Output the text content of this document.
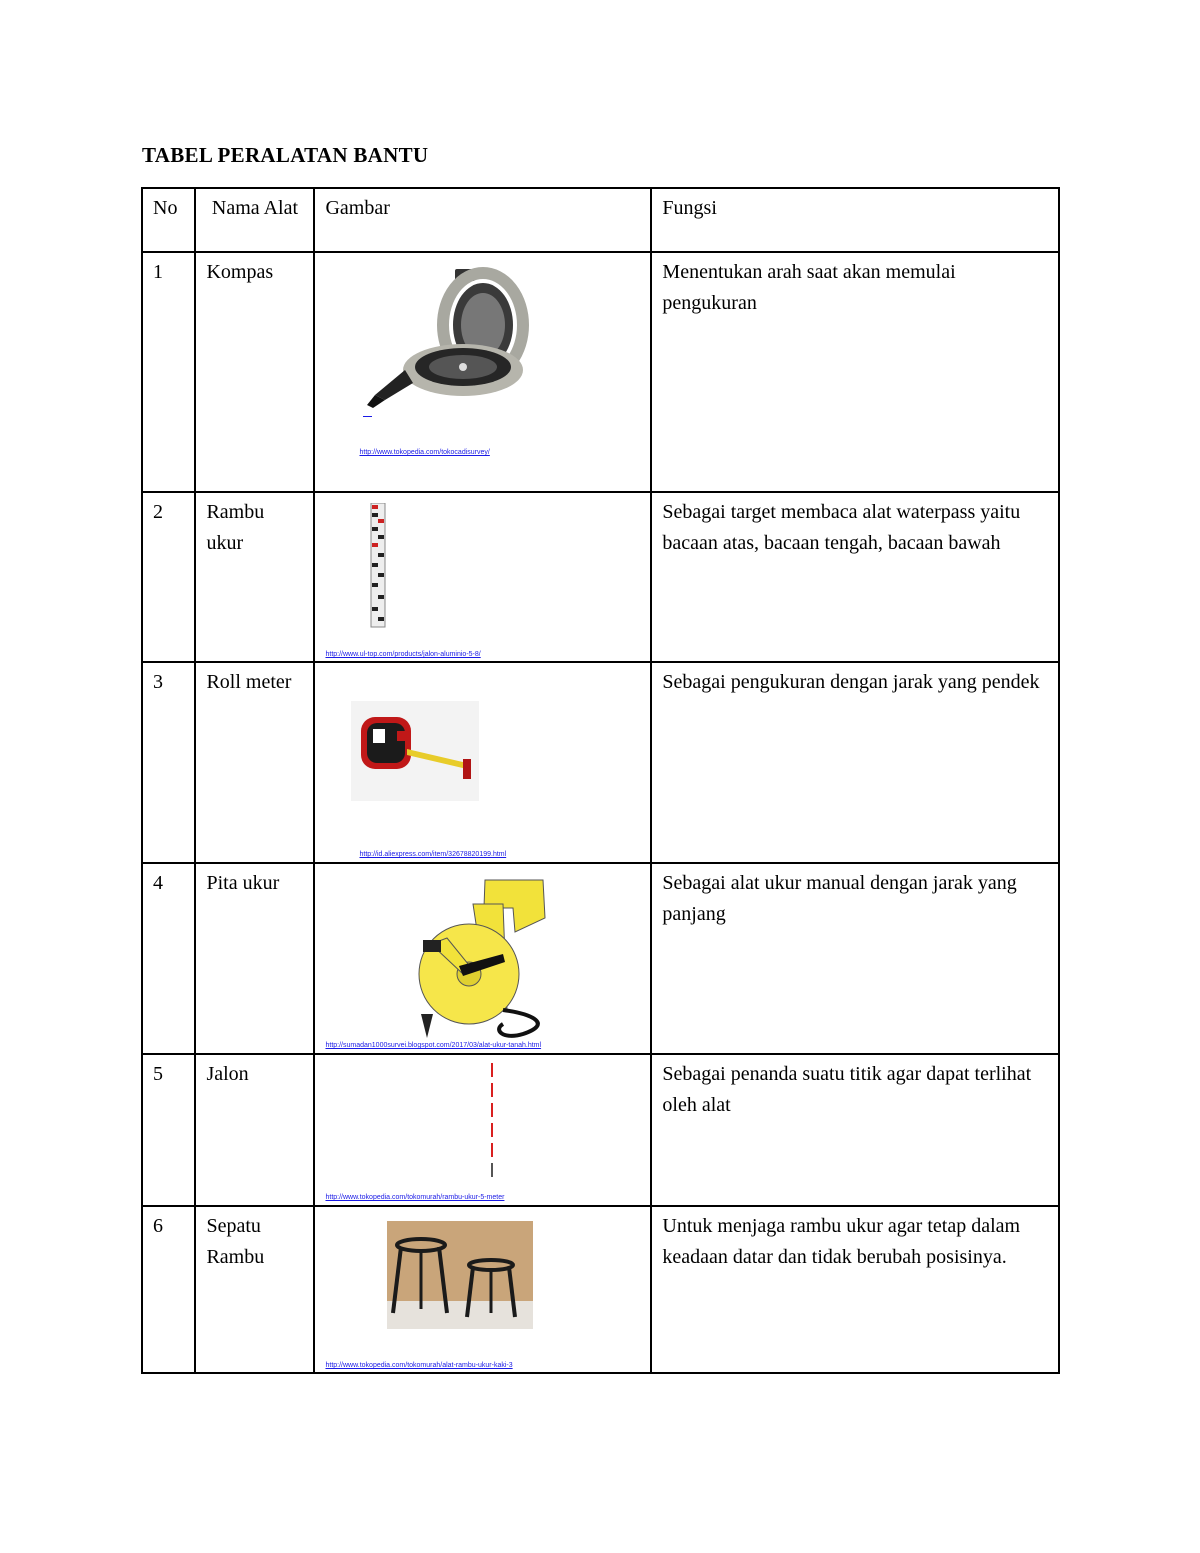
TABEL PERALATAN BANTU
No	Nama Alat	Gambar	Fungsi

1	Kompas	http://www.tokopedia.com/tokocadisurvey/	Menentukan arah saat akan memulai pengukuran

2	Rambu ukur	http://www.ul-top.com/products/jalon-aluminio-5-8/	Sebagai target membaca alat waterpass yaitu bacaan atas, bacaan tengah, bacaan bawah

3	Roll meter	http://id.aliexpress.com/item/32678820199.html	Sebagai pengukuran dengan jarak yang pendek

4	Pita ukur	http://sumadan1000survei.blogspot.com/2017/03/alat-ukur-tanah.html	Sebagai alat ukur manual dengan jarak yang panjang

5	Jalon	http://www.tokopedia.com/tokomurah/rambu-ukur-5-meter	Sebagai penanda suatu titik agar dapat terlihat oleh alat

6	Sepatu Rambu	http://www.tokopedia.com/tokomurah/alat-rambu-ukur-kaki-3	Untuk menjaga rambu ukur agar tetap dalam keadaan datar dan tidak berubah posisinya.
